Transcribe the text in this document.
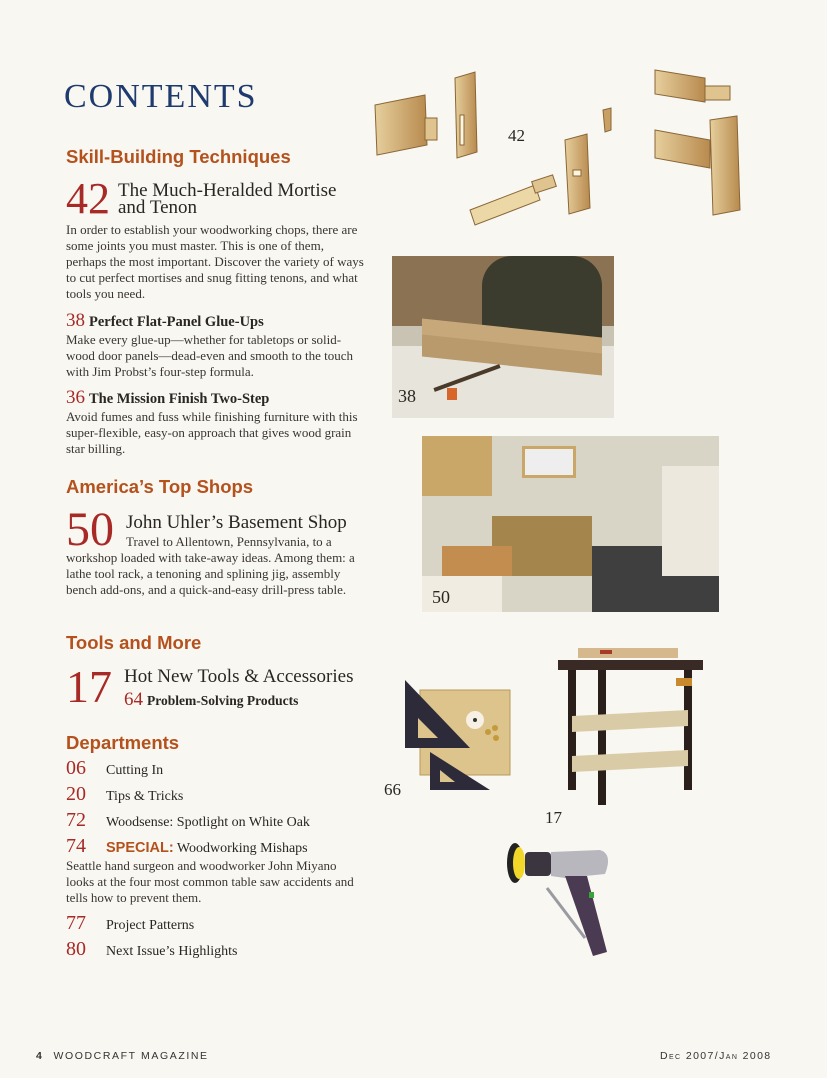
CONTENTS
Skill-Building Techniques
42 The Much-Heralded Mortise
and Tenon
In order to establish your woodworking chops, there are some joints you must master. This is one of them, perhaps the most important. Discover the variety of ways to cut perfect mortises and snug fitting tenons, and what tools you need.
38 Perfect Flat-Panel Glue-Ups
Make every glue-up—whether for tabletops or solid-wood door panels—dead-even and smooth to the touch with Jim Probst’s four-step formula.
36 The Mission Finish Two-Step
Avoid fumes and fuss while finishing furniture with this super-flexible, easy-on approach that gives wood grain star billing.
America’s Top Shops
50 John Uhler’s Basement Shop
Travel to Allentown, Pennsylvania, to a
workshop loaded with take-away ideas. Among them: a lathe tool rack, a tenoning and splining jig, assembly bench add-ons, and a quick-and-easy drill-press table.
Tools and More
17 Hot New Tools & Accessories
64 Problem-Solving Products
Departments
06 Cutting In
20 Tips & Tricks
72 Woodsense: Spotlight on White Oak
74 SPECIAL: Woodworking Mishaps
Seattle hand surgeon and woodworker John Miyano looks at the four most common table saw accidents and tells how to prevent them.
77 Project Patterns
80 Next Issue’s Highlights
42
38
50
66
17
4 WOODCRAFT MAGAZINE	Dec 2007/Jan 2008
